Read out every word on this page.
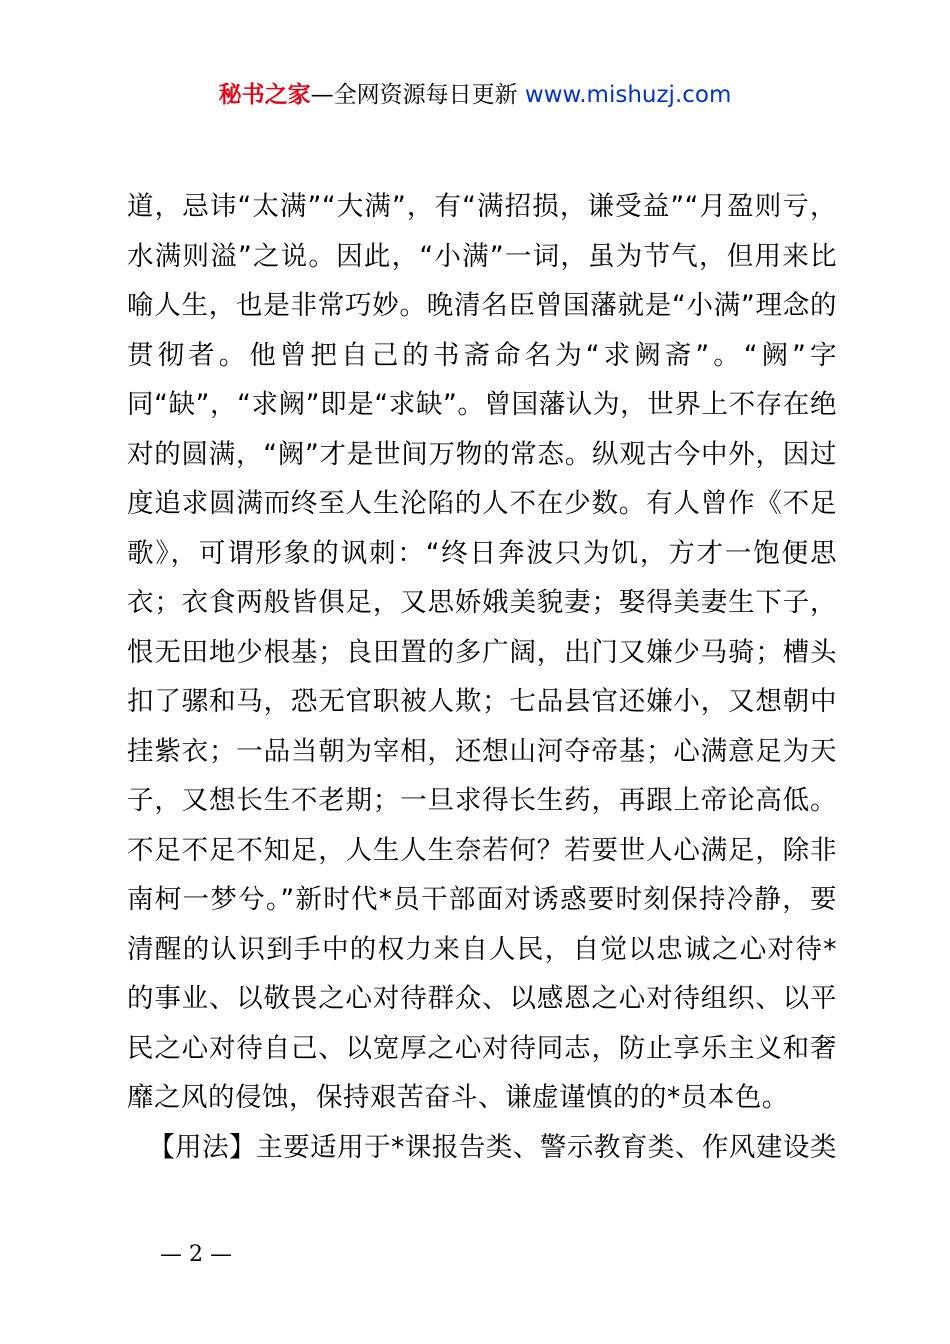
秘书之家—全网资源每日更新 www.mishuzj.com

道，忌讳“太满”“大满”，有“满招损，谦受益”“月盈则亏，水满则溢”之说。因此，“小满”一词，虽为节气，但用来比喻人生，也是非常巧妙。晚清名臣曾国藩就是“小满”理念的贯彻者。他曾把自己的书斋命名为“求阙斋”。“阙”字同“缺”，“求阙”即是“求缺”。曾国藩认为，世界上不存在绝对的圆满，“阙”才是世间万物的常态。纵观古今中外，因过度追求圆满而终至人生沦陷的人不在少数。有人曾作《不足歌》，可谓形象的讽刺：“终日奔波只为饥，方才一饱便思衣；衣食两般皆俱足，又思娇娥美貌妻；娶得美妻生下子，恨无田地少根基；良田置的多广阔，出门又嫌少马骑；槽头扣了骡和马，恐无官职被人欺；七品县官还嫌小，又想朝中挂紫衣；一品当朝为宰相，还想山河夺帝基；心满意足为天子，又想长生不老期；一旦求得长生药，再跟上帝论高低。不足不足不知足，人生人生奈若何？若要世人心满足，除非南柯一梦兮。”新时代*员干部面对诱惑要时刻保持冷静，要清醒的认识到手中的权力来自人民，自觉以忠诚之心对待*的事业、以敬畏之心对待群众、以感恩之心对待组织、以平民之心对待自己、以宽厚之心对待同志，防止享乐主义和奢靡之风的侵蚀，保持艰苦奋斗、谦虚谨慎的的*员本色。

【用法】主要适用于*课报告类、警示教育类、作风建设类

— 2 —
